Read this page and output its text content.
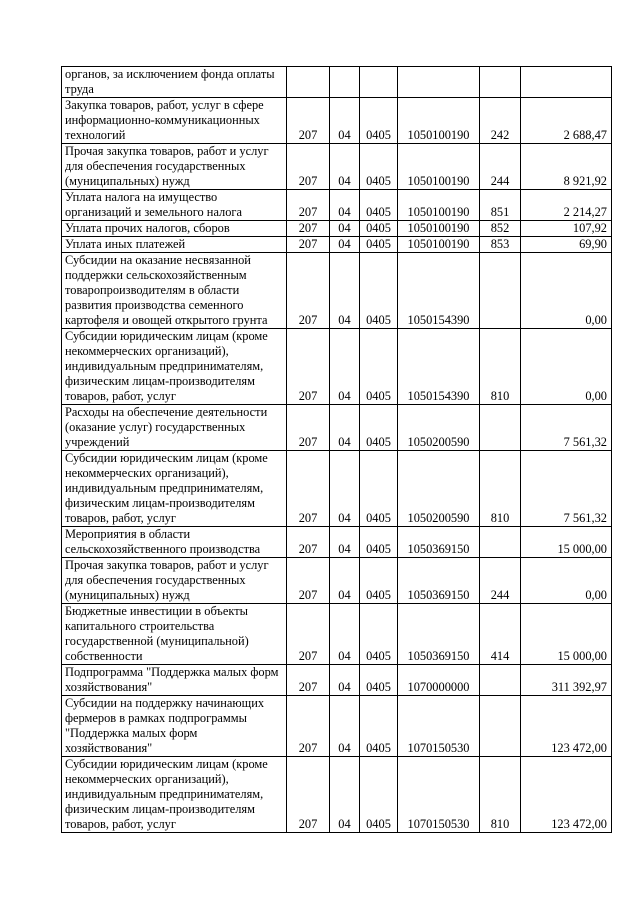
органов, за исключением фонда оплаты труда						
Закупка товаров, работ, услуг в сфере информационно-коммуникационных технологий	207	04	0405	1050100190	242	2 688,47
Прочая закупка товаров, работ и услуг для обеспечения государственных (муниципальных) нужд	207	04	0405	1050100190	244	8 921,92
Уплата налога на имущество организаций и земельного налога	207	04	0405	1050100190	851	2 214,27
Уплата прочих налогов, сборов	207	04	0405	1050100190	852	107,92
Уплата иных платежей	207	04	0405	1050100190	853	69,90
Субсидии на оказание несвязанной поддержки сельскохозяйственным товаропроизводителям в области развития производства семенного картофеля и овощей открытого грунта	207	04	0405	1050154390		0,00
Субсидии юридическим лицам (кроме некоммерческих организаций), индивидуальным предпринимателям, физическим лицам-производителям товаров, работ, услуг	207	04	0405	1050154390	810	0,00
Расходы на обеспечение деятельности (оказание услуг) государственных учреждений	207	04	0405	1050200590		7 561,32
Субсидии юридическим лицам (кроме некоммерческих организаций), индивидуальным предпринимателям, физическим лицам-производителям товаров, работ, услуг	207	04	0405	1050200590	810	7 561,32
Мероприятия в области сельскохозяйственного производства	207	04	0405	1050369150		15 000,00
Прочая закупка товаров, работ и услуг для обеспечения государственных (муниципальных) нужд	207	04	0405	1050369150	244	0,00
Бюджетные инвестиции в объекты капитального строительства государственной (муниципальной) собственности	207	04	0405	1050369150	414	15 000,00
Подпрограмма "Поддержка малых форм хозяйствования"	207	04	0405	1070000000		311 392,97
Субсидии на поддержку начинающих фермеров в рамках подпрограммы "Поддержка малых форм хозяйствования"	207	04	0405	1070150530		123 472,00
Субсидии юридическим лицам (кроме некоммерческих организаций), индивидуальным предпринимателям, физическим лицам-производителям товаров, работ, услуг	207	04	0405	1070150530	810	123 472,00
